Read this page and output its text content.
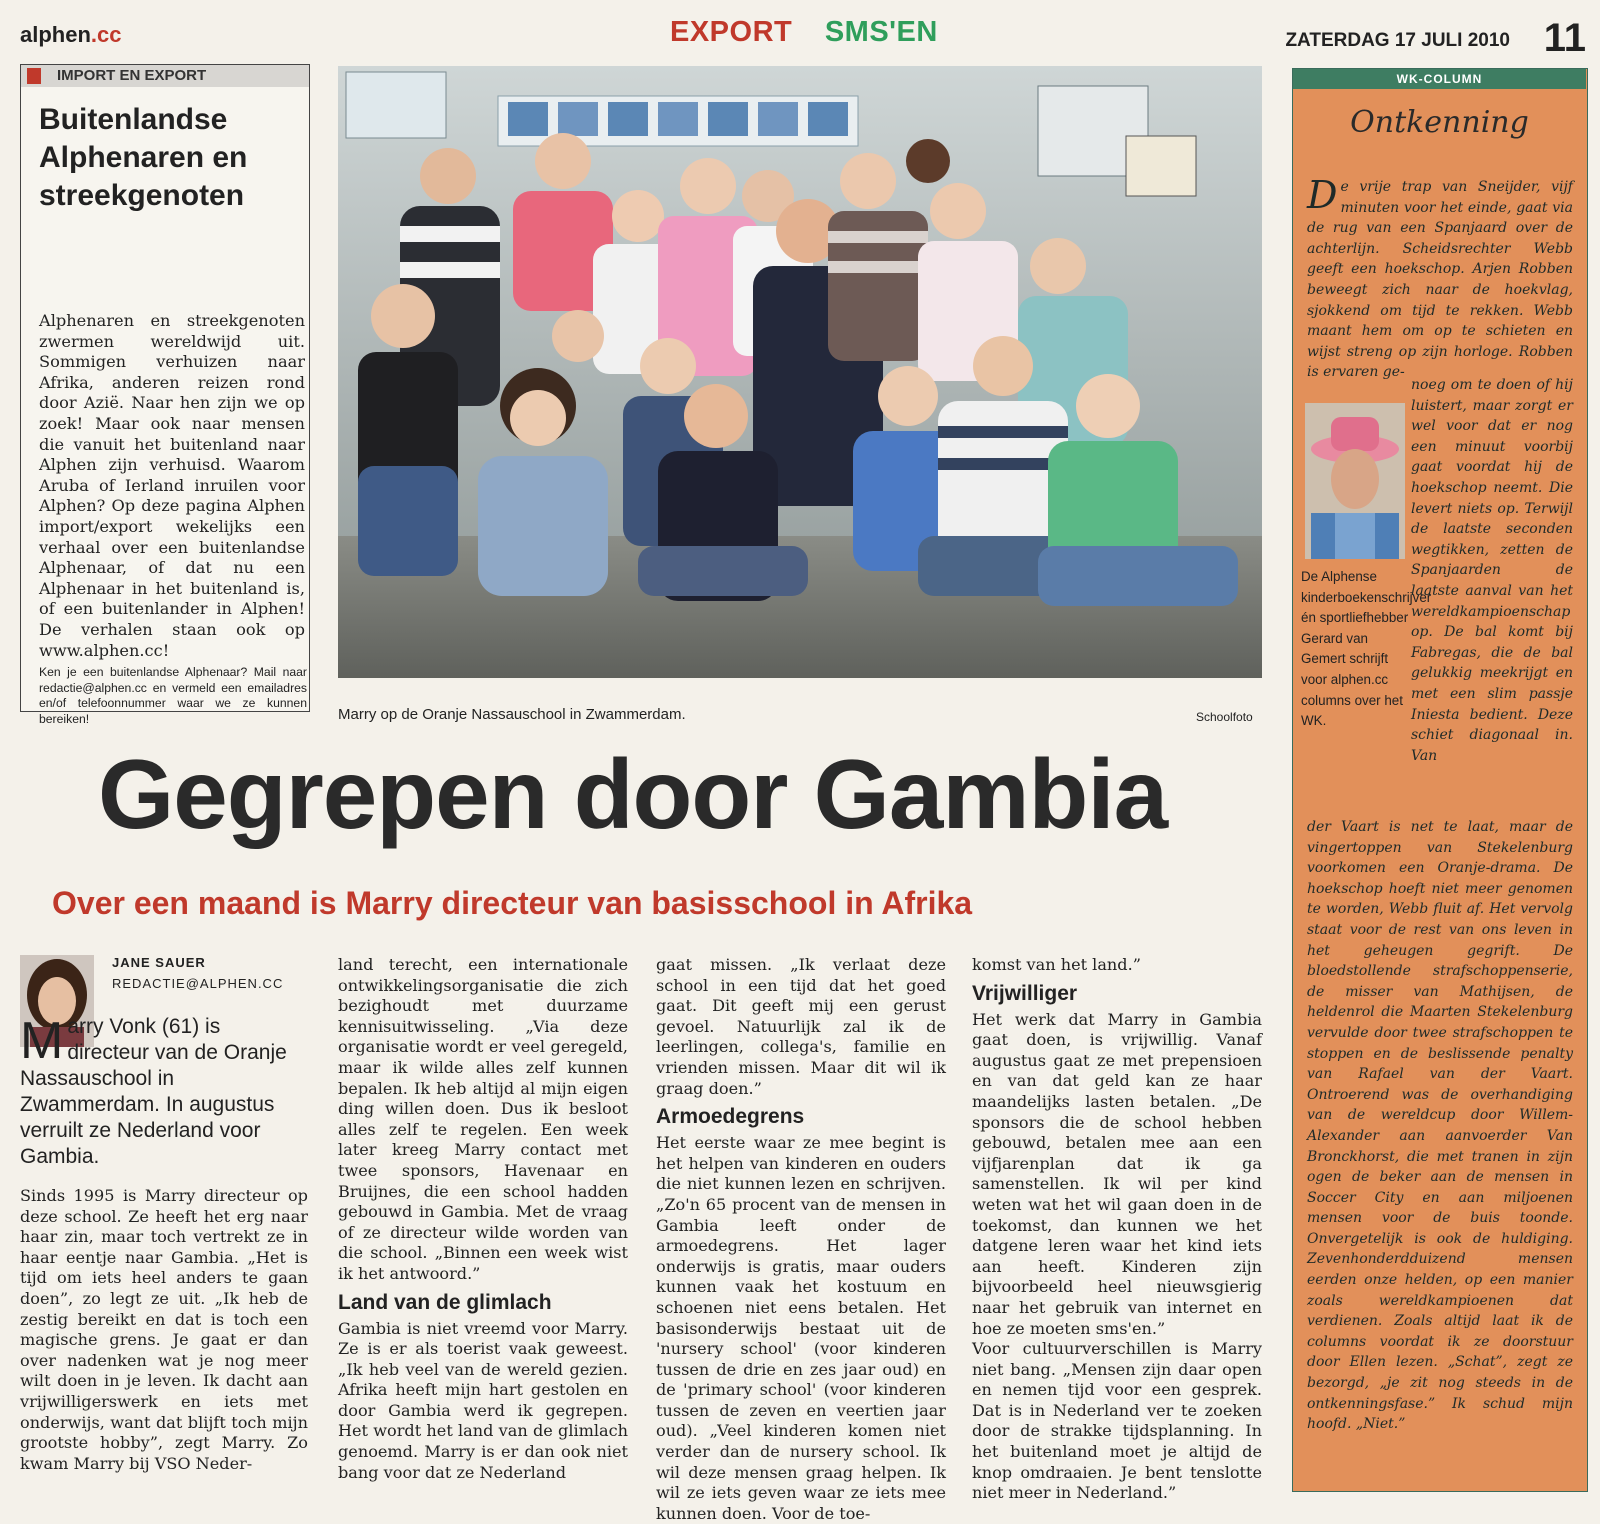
alphen.cc	EXPORT SMS'EN	ZATERDAG 17 JULI 2010 11
IMPORT EN EXPORT
Buitenlandse Alphenaren en streekgenoten
Alphenaren en streekgenoten zwermen wereldwijd uit. Sommigen verhuizen naar Afrika, anderen reizen rond door Azië. Naar hen zijn we op zoek! Maar ook naar mensen die vanuit het buitenland naar Alphen zijn verhuisd. Waarom Aruba of Ierland inruilen voor Alphen? Op deze pagina Alphen import/export wekelijks een verhaal over een buitenlandse Alphenaar, of dat nu een Alphenaar in het buitenland is, of een buitenlander in Alphen! De verhalen staan ook op www.alphen.cc!
Ken je een buitenlandse Alphenaar? Mail naar redactie@alphen.cc en vermeld een emailadres en/of telefoonnummer waar we ze kunnen bereiken!	Marry op de Oranje Nassauschool in Zwammerdam.	Schoolfoto
Gegrepen door Gambia
Over een maand is Marry directeur van basisschool in Afrika
JANE SAUER
REDACTIE@ALPHEN.CC
Marry Vonk (61) is directeur van de Oranje Nassauschool in Zwammerdam. In augustus verruilt ze Nederland voor Gambia.

Sinds 1995 is Marry directeur op deze school. Ze heeft het erg naar haar zin, maar toch vertrekt ze in haar eentje naar Gambia. „Het is tijd om iets heel anders te gaan doen”, zo legt ze uit. „Ik heb de zestig bereikt en dat is toch een magische grens. Je gaat er dan over nadenken wat je nog meer wilt doen in je leven. Ik dacht aan vrijwilligerswerk en iets met onderwijs, want dat blijft toch mijn grootste hobby”, zegt Marry. Zo kwam Marry bij VSO Neder-

land terecht, een internationale ontwikkelingsorganisatie die zich bezighoudt met duurzame kennisuitwisseling. „Via deze organisatie wordt er veel geregeld, maar ik wilde alles zelf kunnen bepalen. Ik heb altijd al mijn eigen ding willen doen. Dus ik besloot alles zelf te regelen. Een week later kreeg Marry contact met twee sponsors, Havenaar en Bruijnes, die een school hadden gebouwd in Gambia. Met de vraag of ze directeur wilde worden van die school. „Binnen een week wist ik het antwoord.”

Land van de glimlach

Gambia is niet vreemd voor Marry. Ze is er als toerist vaak geweest. „Ik heb veel van de wereld gezien. Afrika heeft mijn hart gestolen en door Gambia werd ik gegrepen. Het wordt het land van de glimlach genoemd. Marry is er dan ook niet bang voor dat ze Nederland

gaat missen. „Ik verlaat deze school in een tijd dat het goed gaat. Dit geeft mij een gerust gevoel. Natuurlijk zal ik de leerlingen, collega's, familie en vrienden missen. Maar dit wil ik graag doen.”

Armoedegrens

Het eerste waar ze mee begint is het helpen van kinderen en ouders die niet kunnen lezen en schrijven. „Zo'n 65 procent van de mensen in Gambia leeft onder de armoedegrens. Het lager onderwijs is gratis, maar ouders kunnen vaak het kostuum en schoenen niet eens betalen. Het basisonderwijs bestaat uit de 'nursery school' (voor kinderen tussen de drie en zes jaar oud) en de 'primary school' (voor kinderen tussen de zeven en veertien jaar oud). „Veel kinderen komen niet verder dan de nursery school. Ik wil deze mensen graag helpen. Ik wil ze iets geven waar ze iets mee kunnen doen. Voor de toe-

komst van het land.”

Vrijwilliger

Het werk dat Marry in Gambia gaat doen, is vrijwillig. Vanaf augustus gaat ze met prepensioen en van dat geld kan ze haar maandelijks lasten betalen. „De sponsors die de school hebben gebouwd, betalen mee aan een vijfjarenplan dat ik ga samenstellen. Ik wil per kind weten wat het wil gaan doen in de toekomst, dan kunnen we het datgene leren waar het kind iets aan heeft. Kinderen zijn bijvoorbeeld heel nieuwsgierig naar het gebruik van internet en hoe ze moeten sms'en.”

Voor cultuurverschillen is Marry niet bang. „Mensen zijn daar open en nemen tijd voor een gesprek. Dat is in Nederland ver te zoeken door de strakke tijdsplanning. In het buitenland moet je altijd de knop omdraaien. Je bent tenslotte niet meer in Nederland.”

WK-COLUMN
Ontkenning
De vrije trap van Sneijder, vijf minuten voor het einde, gaat via de rug van een Spanjaard over de achterlijn. Scheidsrechter Webb geeft een hoekschop. Arjen Robben beweegt zich naar de hoekvlag, sjokkend om tijd te rekken. Webb maant hem om op te schieten en wijst streng op zijn horloge. Robben is ervaren ge-
De Alphense kinderboekenschrijver én sportliefhebber Gerard van Gemert schrijft voor alphen.cc columns over het WK.
noeg om te doen of hij luistert, maar zorgt er wel voor dat er nog een minuut voorbij gaat voordat hij de hoekschop neemt. Die levert niets op. Terwijl de laatste seconden wegtikken, zetten de Spanjaarden de laatste aanval van het wereldkampioenschap op. De bal komt bij Fabregas, die de bal gelukkig meekrijgt en met een slim passje Iniesta bedient. Deze schiet diagonaal in. Van
der Vaart is net te laat, maar de vingertoppen van Stekelenburg voorkomen een Oranje-drama. De hoekschop hoeft niet meer genomen te worden, Webb fluit af. Het vervolg staat voor de rest van ons leven in het geheugen gegrift. De bloedstollende strafschoppenserie, de misser van Mathijsen, de heldenrol die Maarten Stekelenburg vervulde door twee strafschoppen te stoppen en de beslissende penalty van Rafael van der Vaart. Ontroerend was de overhandiging van de wereldcup door Willem-Alexander aan aanvoerder Van Bronckhorst, die met tranen in zijn ogen de beker aan de mensen in Soccer City en aan miljoenen mensen voor de buis toonde. Onvergetelijk is ook de huldiging. Zevenhonderdduizend mensen eerden onze helden, op een manier zoals wereldkampioenen dat verdienen. Zoals altijd laat ik de columns voordat ik ze doorstuur door Ellen lezen. „Schat”, zegt ze bezorgd, „je zit nog steeds in de ontkenningsfase.” Ik schud mijn hoofd. „Niet.”
